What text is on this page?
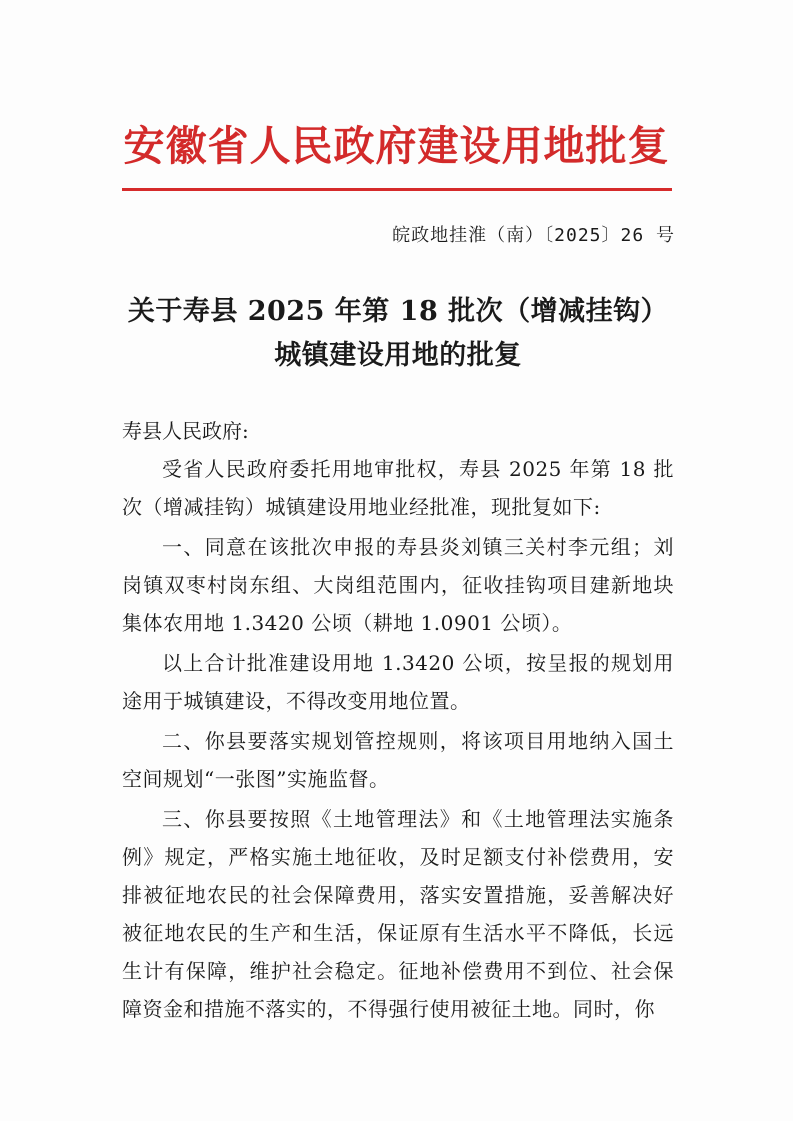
安徽省人民政府建设用地批复
皖政地挂淮（南）〔2025〕26 号
关于寿县 2025 年第 18 批次（增减挂钩）城镇建设用地的批复
寿县人民政府:

受省人民政府委托用地审批权，寿县 2025 年第 18 批次（增减挂钩）城镇建设用地业经批准，现批复如下:

一、同意在该批次申报的寿县炎刘镇三关村李元组；刘岗镇双枣村岗东组、大岗组范围内，征收挂钩项目建新地块集体农用地 1.3420 公顷（耕地 1.0901 公顷）。

以上合计批准建设用地 1.3420 公顷，按呈报的规划用途用于城镇建设，不得改变用地位置。

二、你县要落实规划管控规则，将该项目用地纳入国土空间规划“一张图”实施监督。

三、你县要按照《土地管理法》和《土地管理法实施条例》规定，严格实施土地征收，及时足额支付补偿费用，安排被征地农民的社会保障费用，落实安置措施，妥善解决好被征地农民的生产和生活，保证原有生活水平不降低，长远生计有保障，维护社会稳定。征地补偿费用不到位、社会保障资金和措施不落实的，不得强行使用被征土地。同时，你
